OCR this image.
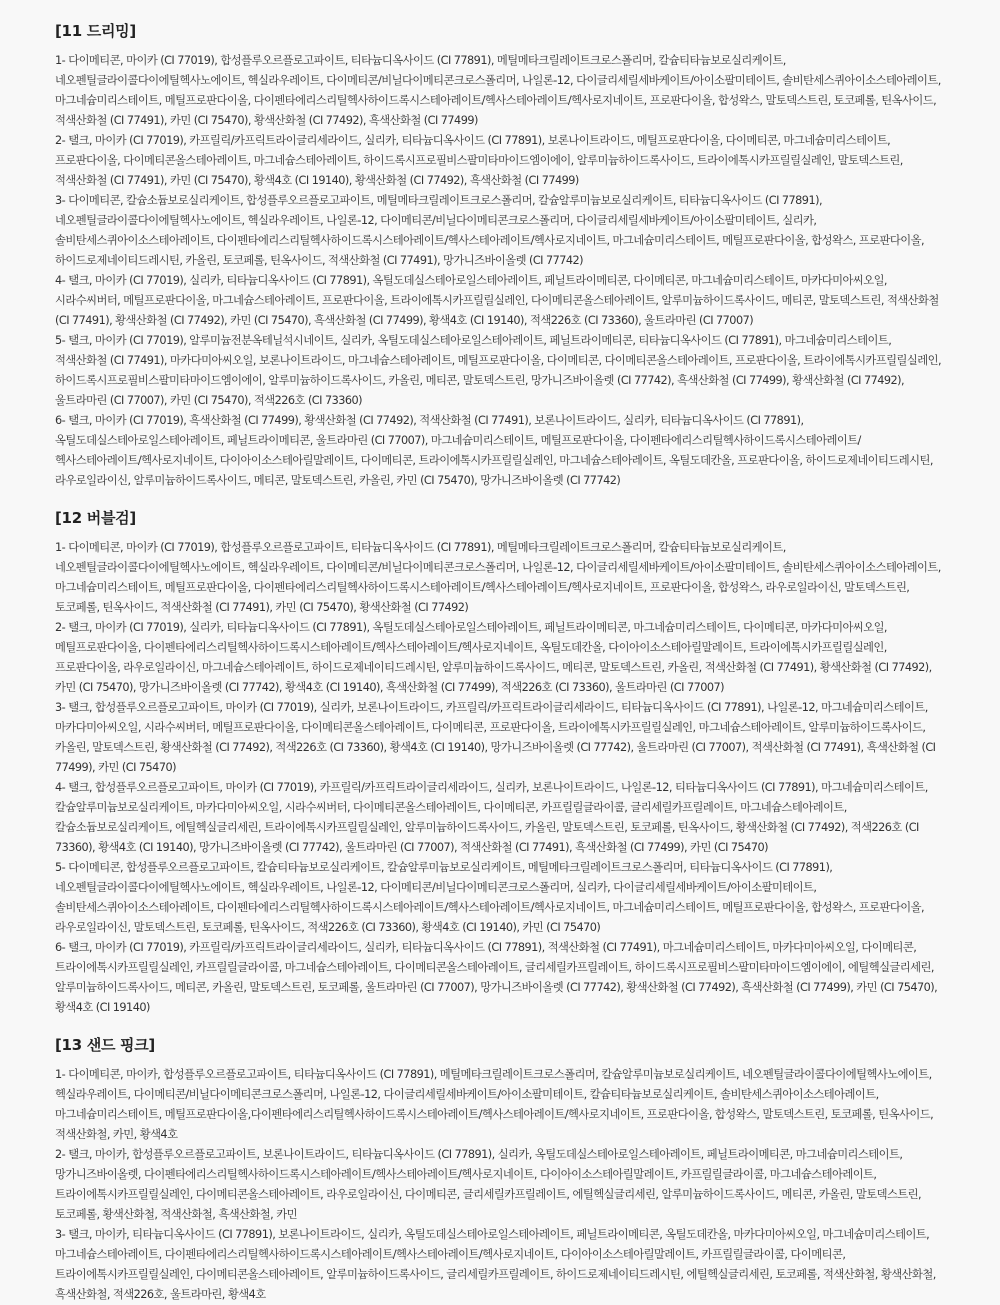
[11 드리밍]
1- 다이메티콘, 마이카 (CI 77019), 합성플루오르플로고파이트, 티타늄디옥사이드 (CI 77891), 메틸메타크릴레이트크로스폴리머, 칼슘티타늄보로실리케이트, 네오펜틸글라이콜다이에틸헥사노에이트, 헥실라우레이트, 다이메티콘/비닐다이메티콘크로스폴리머, 나일론-12, 다이글리세릴세바케이트/아이소팔미테이트, 솔비탄세스퀴아이소스테아레이트, 마그네슘미리스테이트, 메틸프로판다이올, 다이펜타에리스리틸헥사하이드록시스테아레이트/헥사스테아레이트/헥사로지네이트, 프로판다이올, 합성왁스, 말토덱스트린, 토코페롤, 틴옥사이드, 적색산화철 (CI 77491), 카민 (CI 75470), 황색산화철 (CI 77492), 흑색산화철 (CI 77499)
2- 탤크, 마이카 (CI 77019), 카프릴릭/카프릭트라이글리세라이드, 실리카, 티타늄디옥사이드 (CI 77891), 보론나이트라이드, 메틸프로판다이올, 다이메티콘, 마그네슘미리스테이트, 프로판다이올, 다이메티콘올스테아레이트, 마그네슘스테아레이트, 하이드록시프로필비스팔미타마이드엠이에이, 알루미늄하이드록사이드, 트라이에톡시카프릴릴실레인, 말토덱스트린, 적색산화철 (CI 77491), 카민 (CI 75470), 황색4호 (CI 19140), 황색산화철 (CI 77492), 흑색산화철 (CI 77499)
3- 다이메티콘, 칼슘소듐보로실리케이트, 합성플루오르플로고파이트, 메틸메타크릴레이트크로스폴리머, 칼슘알루미늄보로실리케이트, 티타늄디옥사이드 (CI 77891), 네오펜틸글라이콜다이에틸헥사노에이트, 헥실라우레이트, 나일론-12, 다이메티콘/비닐다이메티콘크로스폴리머, 다이글리세릴세바케이트/아이소팔미테이트, 실리카, 솔비탄세스퀴아이소스테아레이트, 다이펜타에리스리틸헥사하이드록시스테아레이트/헥사스테아레이트/헥사로지네이트, 마그네슘미리스테이트, 메틸프로판다이올, 합성왁스, 프로판다이올, 하이드로제네이티드레시틴, 카올린, 토코페롤, 틴옥사이드, 적색산화철 (CI 77491), 망가니즈바이올렛 (CI 77742)
4- 탤크, 마이카 (CI 77019), 실리카, 티타늄디옥사이드 (CI 77891), 옥틸도데실스테아로일스테아레이트, 페닐트라이메티콘, 다이메티콘, 마그네슘미리스테이트, 마카다미아씨오일, 시라수씨버터, 메틸프로판다이올, 마그네슘스테아레이트, 프로판다이올, 트라이에톡시카프릴릴실레인, 다이메티콘올스테아레이트, 알루미늄하이드록사이드, 메티콘, 말토덱스트린, 적색산화철 (CI 77491), 황색산화철 (CI 77492), 카민 (CI 75470), 흑색산화철 (CI 77499), 황색4호 (CI 19140), 적색226호 (CI 73360), 울트라마린 (CI 77007)
5- 탤크, 마이카 (CI 77019), 알루미늄전분옥테닐석시네이트, 실리카, 옥틸도데실스테아로일스테아레이트, 페닐트라이메티콘, 티타늄디옥사이드 (CI 77891), 마그네슘미리스테이트, 적색산화철 (CI 77491), 마카다미아씨오일, 보론나이트라이드, 마그네슘스테아레이트, 메틸프로판다이올, 다이메티콘, 다이메티콘올스테아레이트, 프로판다이올, 트라이에톡시카프릴릴실레인, 하이드록시프로필비스팔미타마이드엠이에이, 알루미늄하이드록사이드, 카올린, 메티콘, 말토덱스트린, 망가니즈바이올렛 (CI 77742), 흑색산화철 (CI 77499), 황색산화철 (CI 77492), 울트라마린 (CI 77007), 카민 (CI 75470), 적색226호 (CI 73360)
6- 탤크, 마이카 (CI 77019), 흑색산화철 (CI 77499), 황색산화철 (CI 77492), 적색산화철 (CI 77491), 보론나이트라이드, 실리카, 티타늄디옥사이드 (CI 77891), 옥틸도데실스테아로일스테아레이트, 페닐트라이메티콘, 울트라마린 (CI 77007), 마그네슘미리스테이트, 메틸프로판다이올, 다이펜타에리스리틸헥사하이드록시스테아레이트/헥사스테아레이트/헥사로지네이트, 다이아이소스테아릴말레이트, 다이메티콘, 트라이에톡시카프릴릴실레인, 마그네슘스테아레이트, 옥틸도데칸올, 프로판다이올, 하이드로제네이티드레시틴, 라우로일라이신, 알루미늄하이드록사이드, 메티콘, 말토덱스트린, 카올린, 카민 (CI 75470), 망가니즈바이올렛 (CI 77742)
[12 버블검]
1- 다이메티콘, 마이카 (CI 77019), 합성플루오르플로고파이트, 티타늄디옥사이드 (CI 77891), 메틸메타크릴레이트크로스폴리머, 칼슘티타늄보로실리케이트, 네오펜틸글라이콜다이에틸헥사노에이트, 헥실라우레이트, 다이메티콘/비닐다이메티콘크로스폴리머, 나일론-12, 다이글리세릴세바케이트/아이소팔미테이트, 솔비탄세스퀴아이소스테아레이트, 마그네슘미리스테이트, 메틸프로판다이올, 다이펜타에리스리틸헥사하이드록시스테아레이트/헥사스테아레이트/헥사로지네이트, 프로판다이올, 합성왁스, 라우로일라이신, 말토덱스트린, 토코페롤, 틴옥사이드, 적색산화철 (CI 77491), 카민 (CI 75470), 황색산화철 (CI 77492)
2- 탤크, 마이카 (CI 77019), 실리카, 티타늄디옥사이드 (CI 77891), 옥틸도데실스테아로일스테아레이트, 페닐트라이메티콘, 마그네슘미리스테이트, 다이메티콘, 마카다미아씨오일, 메틸프로판다이올, 다이펜타에리스리틸헥사하이드록시스테아레이트/헥사스테아레이트/헥사로지네이트, 옥틸도데칸올, 다이아이소스테아릴말레이트, 트라이에톡시카프릴릴실레인, 프로판다이올, 라우로일라이신, 마그네슘스테아레이트, 하이드로제네이티드레시틴, 알루미늄하이드록사이드, 메티콘, 말토덱스트린, 카올린, 적색산화철 (CI 77491), 황색산화철 (CI 77492), 카민 (CI 75470), 망가니즈바이올렛 (CI 77742), 황색4호 (CI 19140), 흑색산화철 (CI 77499), 적색226호 (CI 73360), 울트라마린 (CI 77007)
3- 탤크, 합성플루오르플로고파이트, 마이카 (CI 77019), 실리카, 보론나이트라이드, 카프릴릭/카프릭트라이글리세라이드, 티타늄디옥사이드 (CI 77891), 나일론-12, 마그네슘미리스테이트, 마카다미아씨오일, 시라수씨버터, 메틸프로판다이올, 다이메티콘올스테아레이트, 다이메티콘, 프로판다이올, 트라이에톡시카프릴릴실레인, 마그네슘스테아레이트, 알루미늄하이드록사이드, 카올린, 말토덱스트린, 황색산화철 (CI 77492), 적색226호 (CI 73360), 황색4호 (CI 19140), 망가니즈바이올렛 (CI 77742), 울트라마린 (CI 77007), 적색산화철 (CI 77491), 흑색산화철 (CI 77499), 카민 (CI 75470)
4- 탤크, 합성플루오르플로고파이트, 마이카 (CI 77019), 카프릴릭/카프릭트라이글리세라이드, 실리카, 보론나이트라이드, 나일론-12, 티타늄디옥사이드 (CI 77891), 마그네슘미리스테이트, 칼슘알루미늄보로실리케이트, 마카다미아씨오일, 시라수씨버터, 다이메티콘올스테아레이트, 다이메티콘, 카프릴릴글라이콜, 글리세릴카프릴레이트, 마그네슘스테아레이트, 칼슘소듐보로실리케이트, 에틸헥실글리세린, 트라이에톡시카프릴릴실레인, 알루미늄하이드록사이드, 카올린, 말토덱스트린, 토코페롤, 틴옥사이드, 황색산화철 (CI 77492), 적색226호 (CI 73360), 황색4호 (CI 19140), 망가니즈바이올렛 (CI 77742), 울트라마린 (CI 77007), 적색산화철 (CI 77491), 흑색산화철 (CI 77499), 카민 (CI 75470)
5- 다이메티콘, 합성플루오르플로고파이트, 칼슘티타늄보로실리케이트, 칼슘알루미늄보로실리케이트, 메틸메타크릴레이트크로스폴리머, 티타늄디옥사이드 (CI 77891), 네오펜틸글라이콜다이에틸헥사노에이트, 헥실라우레이트, 나일론-12, 다이메티콘/비닐다이메티콘크로스폴리머, 실리카, 다이글리세릴세바케이트/아이소팔미테이트, 솔비탄세스퀴아이소스테아레이트, 다이펜타에리스리틸헥사하이드록시스테아레이트/헥사스테아레이트/헥사로지네이트, 마그네슘미리스테이트, 메틸프로판다이올, 합성왁스, 프로판다이올, 라우로일라이신, 말토덱스트린, 토코페롤, 틴옥사이드, 적색226호 (CI 73360), 황색4호 (CI 19140), 카민 (CI 75470)
6- 탤크, 마이카 (CI 77019), 카프릴릭/카프릭트라이글리세라이드, 실리카, 티타늄디옥사이드 (CI 77891), 적색산화철 (CI 77491), 마그네슘미리스테이트, 마카다미아씨오일, 다이메티콘, 트라이에톡시카프릴릴실레인, 카프릴릴글라이콜, 마그네슘스테아레이트, 다이메티콘올스테아레이트, 글리세릴카프릴레이트, 하이드록시프로필비스팔미타마이드엠이에이, 에틸헥실글리세린, 알루미늄하이드록사이드, 메티콘, 카올린, 말토덱스트린, 토코페롤, 울트라마린 (CI 77007), 망가니즈바이올렛 (CI 77742), 황색산화철 (CI 77492), 흑색산화철 (CI 77499), 카민 (CI 75470), 황색4호 (CI 19140)
[13 샌드 핑크]
1- 다이메티콘, 마이카, 합성플루오르플로고파이트, 티타늄디옥사이드 (CI 77891), 메틸메타크릴레이트크로스폴리머, 칼슘알루미늄보로실리케이트, 네오펜틸글라이콜다이에틸헥사노에이트, 헥실라우레이트, 다이메티콘/비닐다이메티콘크로스폴리머, 나일론-12, 다이글리세릴세바케이트/아이소팔미테이트, 칼슘티타늄보로실리케이트, 솔비탄세스퀴아이소스테아레이트, 마그네슘미리스테이트, 메틸프로판다이올,다이펜타에리스리틸헥사하이드록시스테아레이트/헥사스테아레이트/헥사로지네이트, 프로판다이올, 합성왁스, 말토덱스트린, 토코페롤, 틴옥사이드, 적색산화철, 카민, 황색4호
2- 탤크, 마이카, 합성플루오르플로고파이트, 보론나이트라이드, 티타늄디옥사이드 (CI 77891), 실리카, 옥틸도데실스테아로일스테아레이트, 페닐트라이메티콘, 마그네슘미리스테이트, 망가니즈바이올렛, 다이펜타에리스리틸헥사하이드록시스테아레이트/헥사스테아레이트/헥사로지네이트, 다이아이소스테아릴말레이트, 카프릴릴글라이콜, 마그네슘스테아레이트, 트라이에톡시카프릴릴실레인, 다이메티콘올스테아레이트, 라우로일라이신, 다이메티콘, 글리세릴카프릴레이트, 에틸헥실글리세린, 알루미늄하이드록사이드, 메티콘, 카올린, 말토덱스트린, 토코페롤, 황색산화철, 적색산화철, 흑색산화철, 카민
3- 탤크, 마이카, 티타늄디옥사이드 (CI 77891), 보론나이트라이드, 실리카, 옥틸도데실스테아로일스테아레이트, 페닐트라이메티콘, 옥틸도데칸올, 마카다미아씨오일, 마그네슘미리스테이트, 마그네슘스테아레이트, 다이펜타에리스리틸헥사하이드록시스테아레이트/헥사스테아레이트/헥사로지네이트, 다이아이소스테아릴말레이트, 카프릴릴글라이콜, 다이메티콘, 트라이에톡시카프릴릴실레인, 다이메티콘올스테아레이트, 알루미늄하이드록사이드, 글리세릴카프릴레이트, 하이드로제네이티드레시틴, 에틸헥실글리세린, 토코페롤, 적색산화철, 황색산화철, 흑색산화철, 적색226호, 울트라마린, 황색4호
